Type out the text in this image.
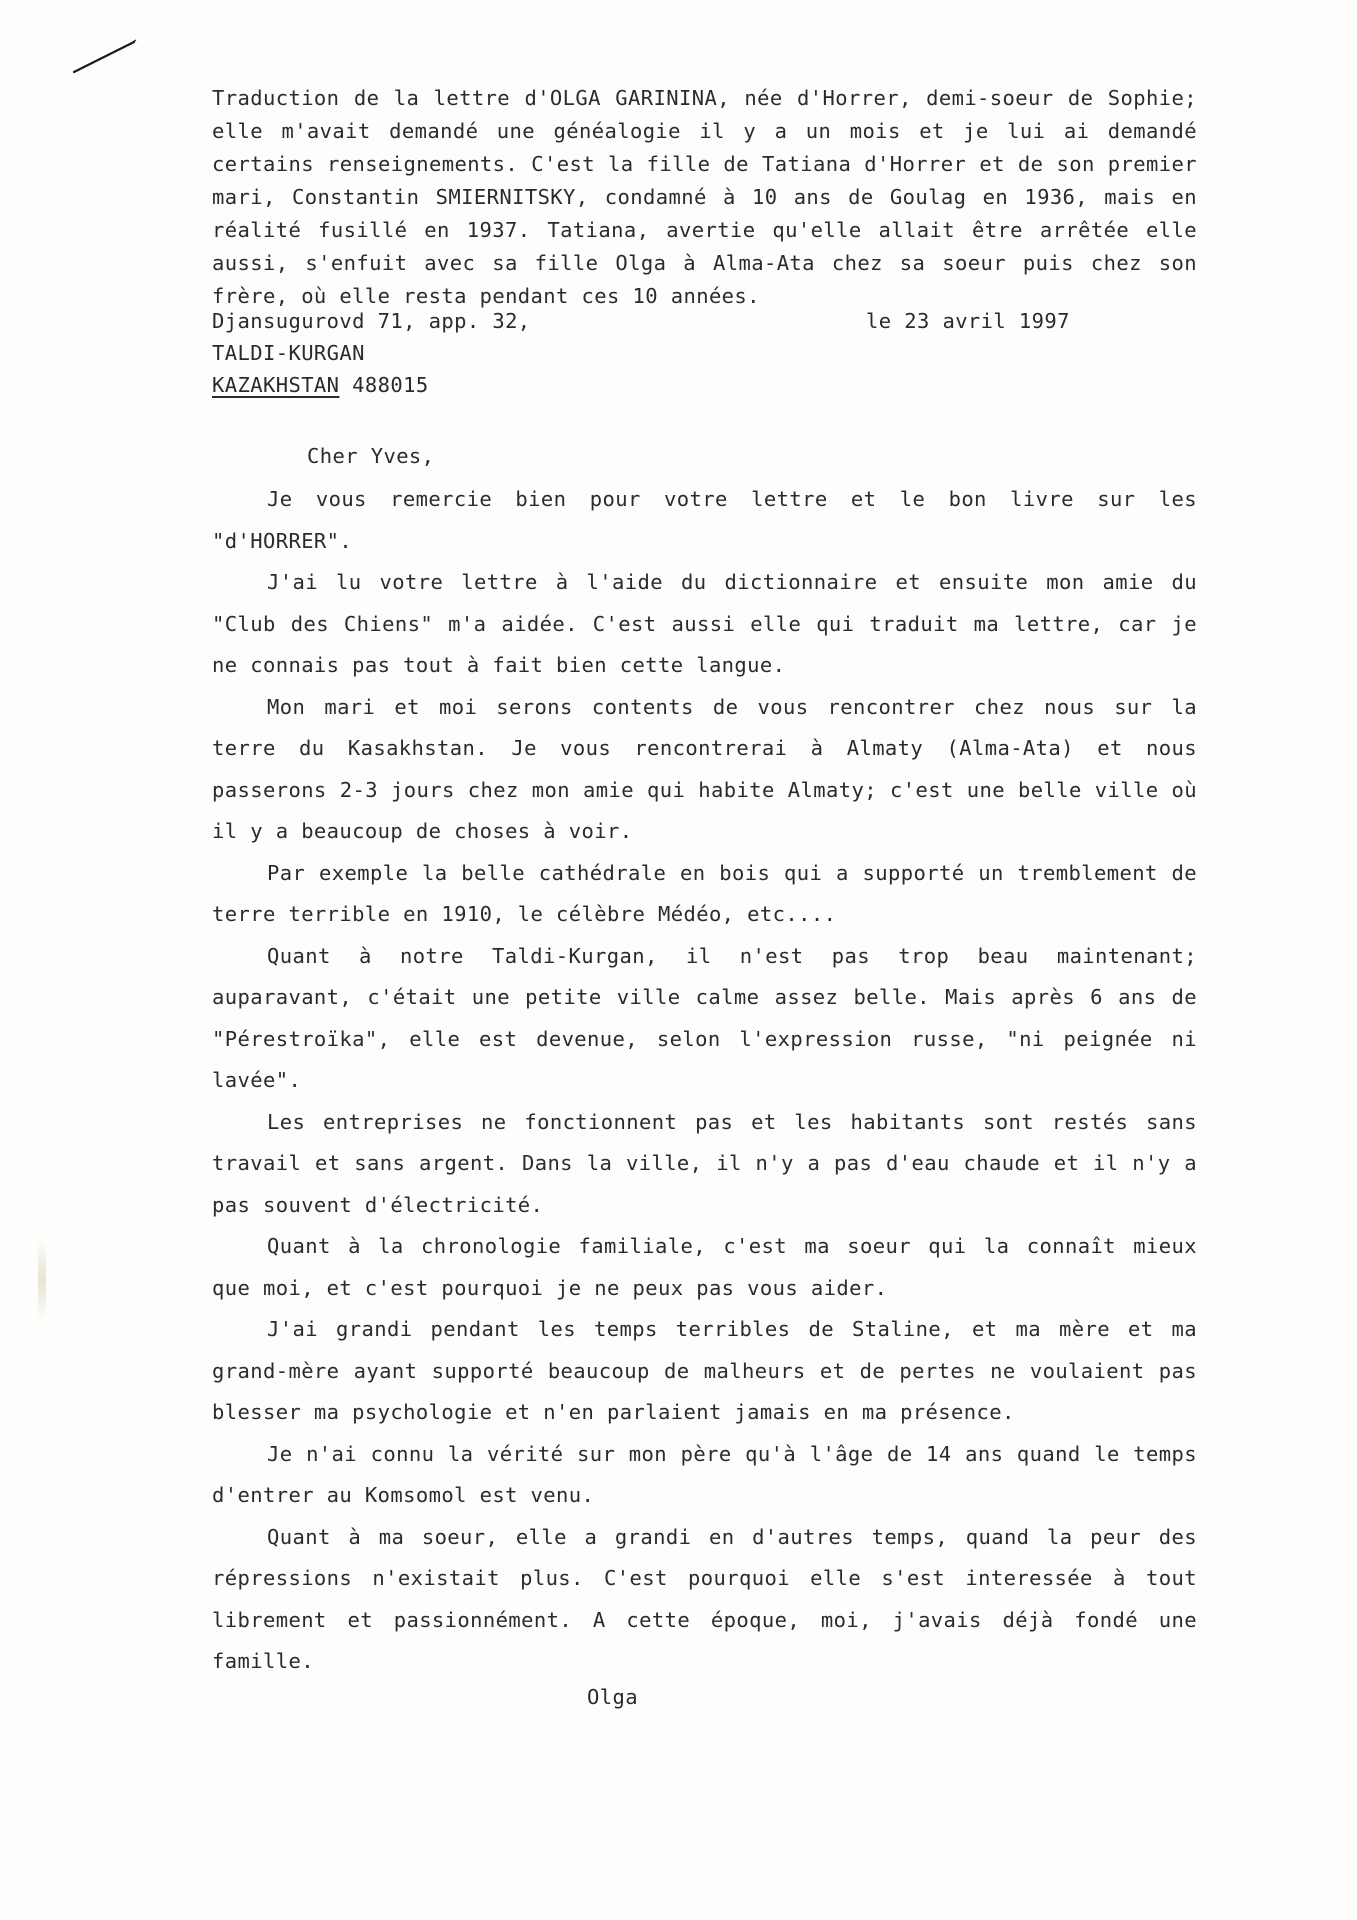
Traduction de la lettre d'OLGA GARININA, née d'Horrer, demi-soeur de Sophie; elle m'avait demandé une généalogie il y a un mois et je lui ai demandé certains renseignements. C'est la fille de Tatiana d'Horrer et de son premier mari, Constantin SMIERNITSKY, condamné à 10 ans de Goulag en 1936, mais en réalité fusillé en 1937. Tatiana, avertie qu'elle allait être arrêtée elle aussi, s'enfuit avec sa fille Olga à Alma-Ata chez sa soeur puis chez son frère, où elle resta pendant ces 10 années.

Djansugurovd 71, app. 32,
TALDI-KURGAN
KAZAKHSTAN 488015
le 23 avril 1997
Cher Yves,

Je vous remercie bien pour votre lettre et le bon livre sur les "d'HORRER".

J'ai lu votre lettre à l'aide du dictionnaire et ensuite mon amie du "Club des Chiens" m'a aidée. C'est aussi elle qui traduit ma lettre, car je ne connais pas tout à fait bien cette langue.

Mon mari et moi serons contents de vous rencontrer chez nous sur la terre du Kasakhstan. Je vous rencontrerai à Almaty (Alma-Ata) et nous passerons 2-3 jours chez mon amie qui habite Almaty; c'est une belle ville où il y a beaucoup de choses à voir.

Par exemple la belle cathédrale en bois qui a supporté un tremblement de terre terrible en 1910, le célèbre Médéo, etc....

Quant à notre Taldi-Kurgan, il n'est pas trop beau maintenant; auparavant, c'était une petite ville calme assez belle. Mais après 6 ans de "Pérestroïka", elle est devenue, selon l'expression russe, "ni peignée ni lavée".

Les entreprises ne fonctionnent pas et les habitants sont restés sans travail et sans argent. Dans la ville, il n'y a pas d'eau chaude et il n'y a pas souvent d'électricité.

Quant à la chronologie familiale, c'est ma soeur qui la connaît mieux que moi, et c'est pourquoi je ne peux pas vous aider.

J'ai grandi pendant les temps terribles de Staline, et ma mère et ma grand-mère ayant supporté beaucoup de malheurs et de pertes ne voulaient pas blesser ma psychologie et n'en parlaient jamais en ma présence.

Je n'ai connu la vérité sur mon père qu'à l'âge de 14 ans quand le temps d'entrer au Komsomol est venu.

Quant à ma soeur, elle a grandi en d'autres temps, quand la peur des répressions n'existait plus. C'est pourquoi elle s'est interessée à tout librement et passionnément. A cette époque, moi, j'avais déjà fondé une famille.

Olga
